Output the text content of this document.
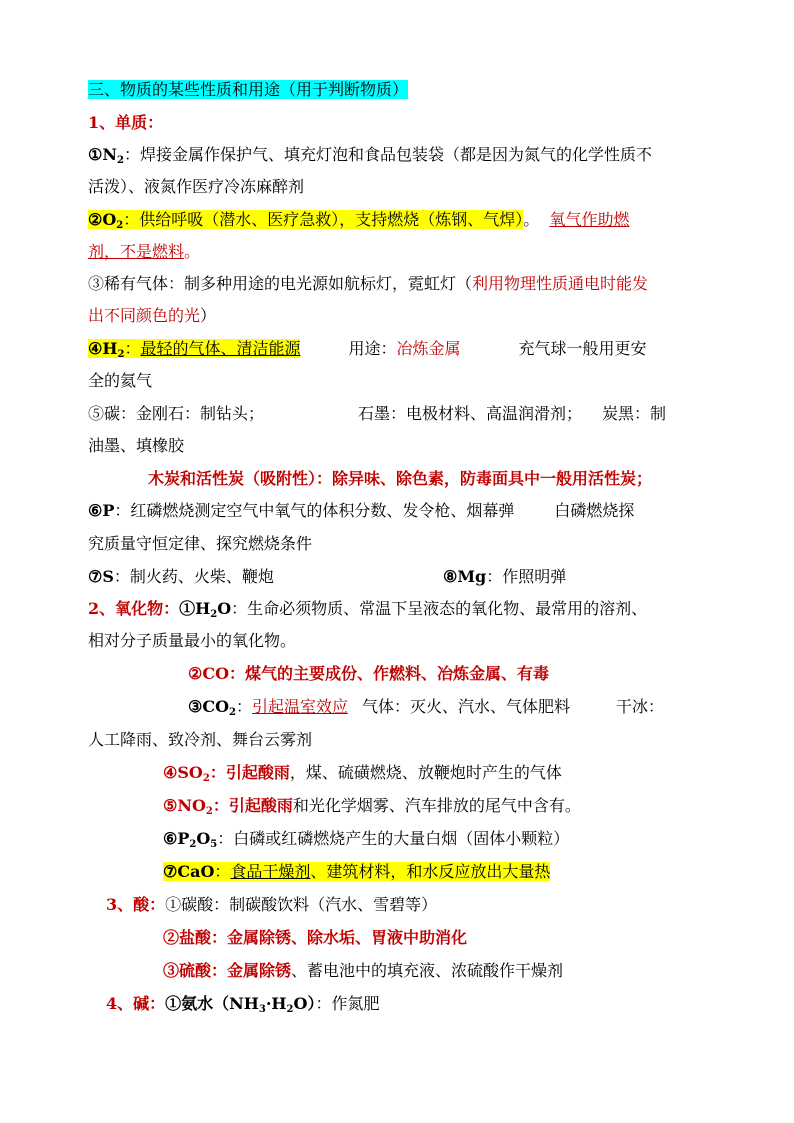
三、物质的某些性质和用途（用于判断物质）
1、单质：
$①N_2$：焊接金属作保护气、填充灯泡和食品包装袋（都是因为氮气的化学性质不
活泼）、液氮作医疗冷冻麻醉剂
$②O_2$：供给呼吸（潜水、医疗急救），支持燃烧（炼钢、气焊）。 氧气作助燃
剂，不是燃料。
③稀有气体：制多种用途的电光源如航标灯，霓虹灯（利用物理性质通电时能发
出不同颜色的光）
$④H_2$：最轻的气体、清洁能源	用途：冶炼金属	充气球一般用更安
全的氦气
⑤碳：金刚石：制钻头；	石墨：电极材料、高温润滑剂； 炭黑：制
油墨、填橡胶
木炭和活性炭（吸附性）：除异味、除色素，防毒面具中一般用活性炭；
⑥P：红磷燃烧测定空气中氧气的体积分数、发令枪、烟幕弹	白磷燃烧探
究质量守恒定律、探究燃烧条件
⑦S：制火药、火柴、鞭炮	⑧Mg：作照明弹
2、氧化物：$①H_2O$：生命必须物质、常温下呈液态的氧化物、最常用的溶剂、
相对分子质量最小的氧化物。
②CO：煤气的主要成份、作燃料、冶炼金属、有毒
$③CO_2$：引起温室效应 气体：灭火、汽水、气体肥料	干冰：
人工降雨、致冷剂、舞台云雾剂
$④SO_2$：引起酸雨，煤、硫磺燃烧、放鞭炮时产生的气体
$⑤NO_2$：引起酸雨和光化学烟雾、汽车排放的尾气中含有。
$⑥P_2O_5$：白磷或红磷燃烧产生的大量白烟（固体小颗粒）
⑦CaO：食品干燥剂、建筑材料，和水反应放出大量热
3、酸：①碳酸：制碳酸饮料（汽水、雪碧等）
②盐酸：金属除锈、除水垢、胃液中助消化
③硫酸：金属除锈、蓄电池中的填充液、浓硫酸作干燥剂
4、碱：①氨水$(NH_3\cdot H_2O)$：作氮肥
